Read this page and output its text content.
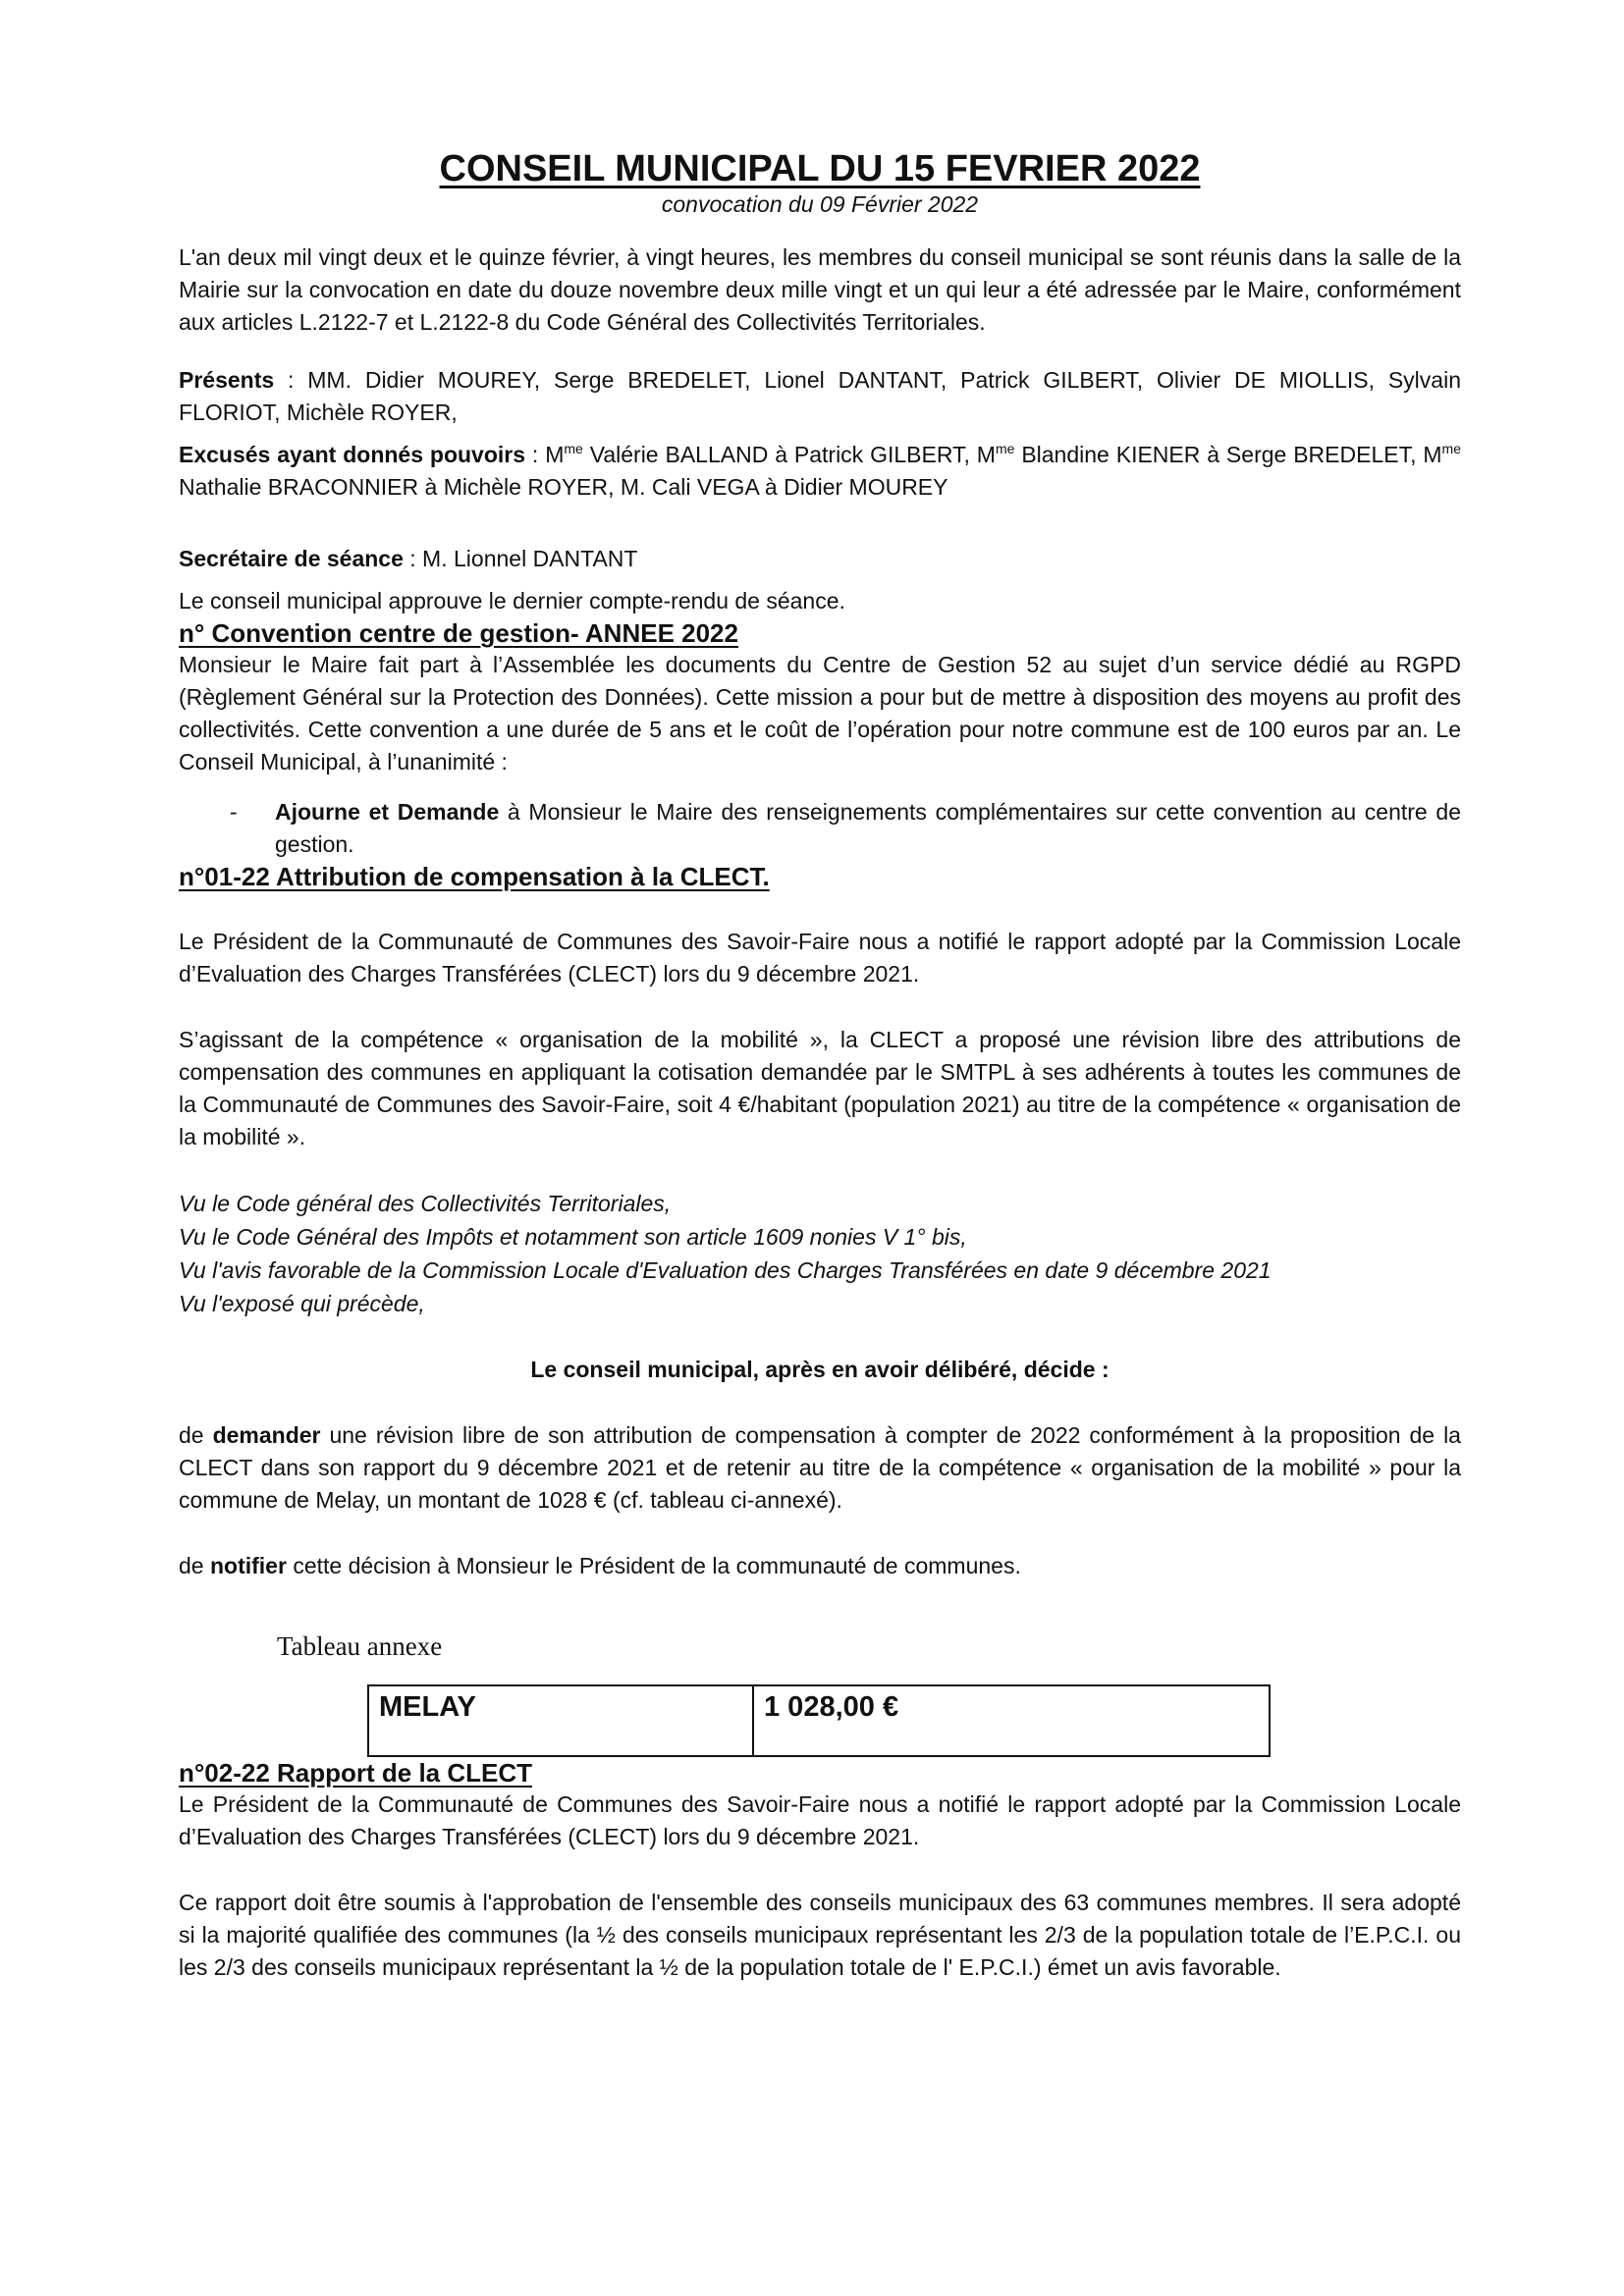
CONSEIL MUNICIPAL DU 15 FEVRIER 2022

convocation du 09 Février 2022

L'an deux mil vingt deux et le quinze février, à vingt heures, les membres du conseil municipal se sont réunis dans la salle de la Mairie sur la convocation en date du douze novembre deux mille vingt et un qui leur a été adressée par le Maire, conformément aux articles L.2122-7 et L.2122-8 du Code Général des Collectivités Territoriales.

Présents : MM. Didier MOUREY, Serge BREDELET, Lionel DANTANT, Patrick GILBERT, Olivier DE MIOLLIS, Sylvain FLORIOT, Michèle ROYER,

Excusés ayant donnés pouvoirs : $M^{me}$ Valérie BALLAND à Patrick GILBERT, $M^{me}$ Blandine KIENER à Serge BREDELET, $M^{me}$ Nathalie BRACONNIER à Michèle ROYER, M. Cali VEGA à Didier MOUREY

Secrétaire de séance : M. Lionnel DANTANT

Le conseil municipal approuve le dernier compte-rendu de séance.

n° Convention centre de gestion- ANNEE 2022

Monsieur le Maire fait part à l’Assemblée les documents du Centre de Gestion 52 au sujet d’un service dédié au RGPD (Règlement Général sur la Protection des Données). Cette mission a pour but de mettre à disposition des moyens au profit des collectivités. Cette convention a une durée de 5 ans et le coût de l’opération pour notre commune est de 100 euros par an. Le Conseil Municipal, à l’unanimité :

-	Ajourne et Demande à Monsieur le Maire des renseignements complémentaires sur cette convention au centre de gestion.
n°01-22 Attribution de compensation à la CLECT.

Le Président de la Communauté de Communes des Savoir-Faire nous a notifié le rapport adopté par la Commission Locale d’Evaluation des Charges Transférées (CLECT) lors du 9 décembre 2021.

S’agissant de la compétence « organisation de la mobilité », la CLECT a proposé une révision libre des attributions de compensation des communes en appliquant la cotisation demandée par le SMTPL à ses adhérents à toutes les communes de la Communauté de Communes des Savoir-Faire, soit 4 €/habitant (population 2021) au titre de la compétence « organisation de la mobilité ».

Vu le Code général des Collectivités Territoriales,

Vu le Code Général des Impôts et notamment son article 1609 nonies V 1° bis,

Vu l'avis favorable de la Commission Locale d'Evaluation des Charges Transférées en date 9 décembre 2021

Vu l'exposé qui précède,

Le conseil municipal, après en avoir délibéré, décide :

de demander une révision libre de son attribution de compensation à compter de 2022 conformément à la proposition de la CLECT dans son rapport du 9 décembre 2021 et de retenir au titre de la compétence « organisation de la mobilité » pour la commune de Melay, un montant de 1028 € (cf. tableau ci-annexé).

de notifier cette décision à Monsieur le Président de la communauté de communes.

Tableau annexe

MELAY	1 028,00 €
n°02-22 Rapport de la CLECT

Le Président de la Communauté de Communes des Savoir-Faire nous a notifié le rapport adopté par la Commission Locale d’Evaluation des Charges Transférées (CLECT) lors du 9 décembre 2021.

Ce rapport doit être soumis à l'approbation de l'ensemble des conseils municipaux des 63 communes membres. Il sera adopté si la majorité qualifiée des communes (la ½ des conseils municipaux représentant les 2/3 de la population totale de l’E.P.C.I. ou les 2/3 des conseils municipaux représentant la ½ de la population totale de l' E.P.C.I.) émet un avis favorable.
